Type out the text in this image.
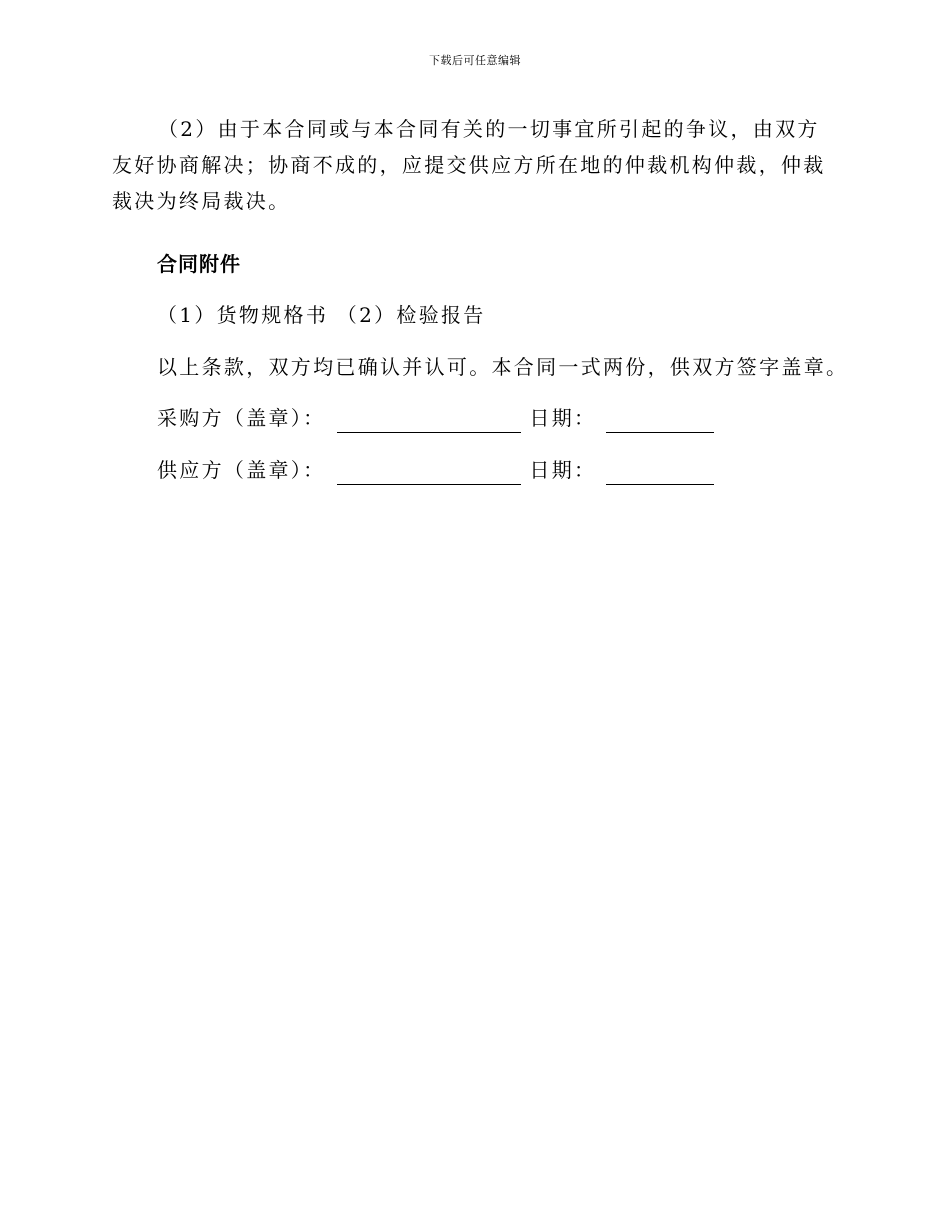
下载后可任意编辑

（2）由于本合同或与本合同有关的一切事宜所引起的争议，由双方友好协商解决；协商不成的，应提交供应方所在地的仲裁机构仲裁，仲裁裁决为终局裁决。

合同附件
（1）货物规格书 （2）检验报告
以上条款，双方均已确认并认可。本合同一式两份，供双方签字盖章。
采购方（盖章）：	日期：
供应方（盖章）：	日期：
